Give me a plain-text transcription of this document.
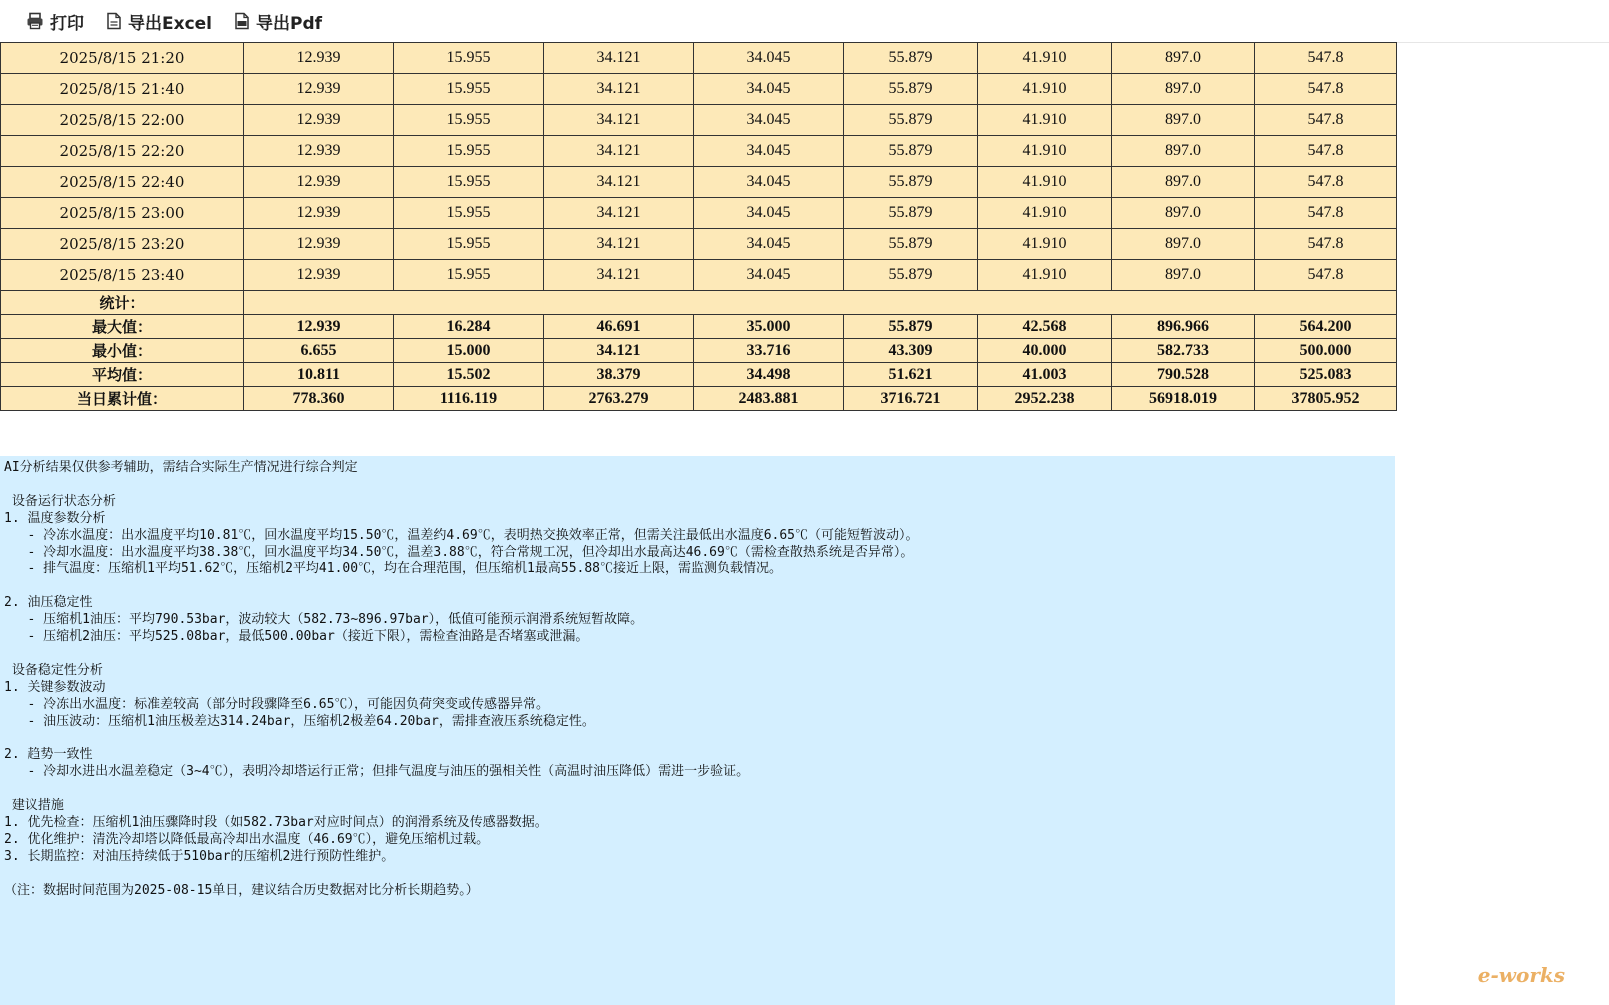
打印	导出Excel	导出Pdf
2025/8/15 21:20	12.939	15.955	34.121	34.045	55.879	41.910	897.0	547.8
2025/8/15 21:40	12.939	15.955	34.121	34.045	55.879	41.910	897.0	547.8
2025/8/15 22:00	12.939	15.955	34.121	34.045	55.879	41.910	897.0	547.8
2025/8/15 22:20	12.939	15.955	34.121	34.045	55.879	41.910	897.0	547.8
2025/8/15 22:40	12.939	15.955	34.121	34.045	55.879	41.910	897.0	547.8
2025/8/15 23:00	12.939	15.955	34.121	34.045	55.879	41.910	897.0	547.8
2025/8/15 23:20	12.939	15.955	34.121	34.045	55.879	41.910	897.0	547.8
2025/8/15 23:40	12.939	15.955	34.121	34.045	55.879	41.910	897.0	547.8
统计：								
最大值：	12.939	16.284	46.691	35.000	55.879	42.568	896.966	564.200
最小值：	6.655	15.000	34.121	33.716	43.309	40.000	582.733	500.000
平均值：	10.811	15.502	38.379	34.498	51.621	41.003	790.528	525.083
当日累计值：	778.360	1116.119	2763.279	2483.881	3716.721	2952.238	56918.019	37805.952
AI分析结果仅供参考辅助，需结合实际生产情况进行综合判定

设备运行状态分析
1. 温度参数分析
- 冷冻水温度：出水温度平均10.81℃，回水温度平均15.50℃，温差约4.69℃，表明热交换效率正常，但需关注最低出水温度6.65℃（可能短暂波动）。
- 冷却水温度：出水温度平均38.38℃，回水温度平均34.50℃，温差3.88℃，符合常规工况，但冷却出水最高达46.69℃（需检查散热系统是否异常）。
- 排气温度：压缩机1平均51.62℃，压缩机2平均41.00℃，均在合理范围，但压缩机1最高55.88℃接近上限，需监测负载情况。

2. 油压稳定性
- 压缩机1油压：平均790.53bar，波动较大（582.73~896.97bar），低值可能预示润滑系统短暂故障。
- 压缩机2油压：平均525.08bar，最低500.00bar（接近下限），需检查油路是否堵塞或泄漏。

设备稳定性分析
1. 关键参数波动
- 冷冻出水温度：标准差较高（部分时段骤降至6.65℃），可能因负荷突变或传感器异常。
- 油压波动：压缩机1油压极差达314.24bar，压缩机2极差64.20bar，需排查液压系统稳定性。

2. 趋势一致性
- 冷却水进出水温差稳定（3~4℃），表明冷却塔运行正常；但排气温度与油压的强相关性（高温时油压降低）需进一步验证。

建议措施
1. 优先检查：压缩机1油压骤降时段（如582.73bar对应时间点）的润滑系统及传感器数据。
2. 优化维护：清洗冷却塔以降低最高冷却出水温度（46.69℃），避免压缩机过载。
3. 长期监控：对油压持续低于510bar的压缩机2进行预防性维护。

（注：数据时间范围为2025-08-15单日，建议结合历史数据对比分析长期趋势。）

e-works
